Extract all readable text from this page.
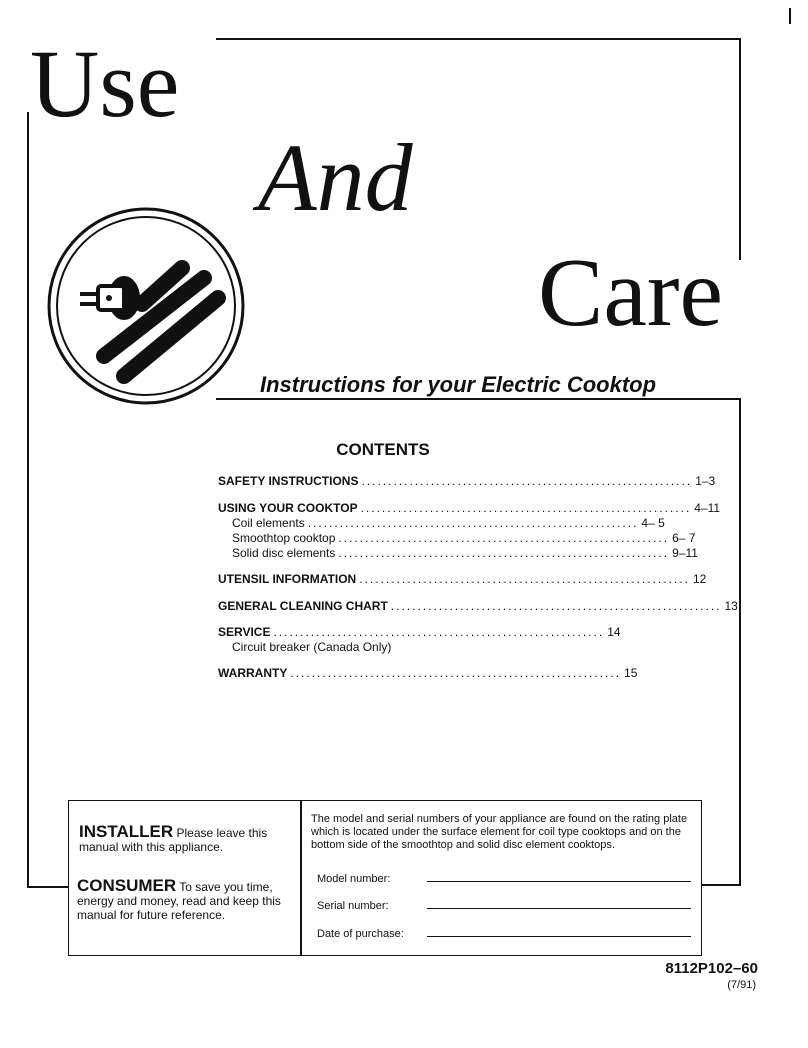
Use
And
Care
Instructions for your Electric Cooktop
CONTENTS
SAFETY INSTRUCTIONS .............................................................. 1–3
USING YOUR COOKTOP .............................................................. 4–11
Coil elements .............................................................. 4– 5
Smoothtop cooktop .............................................................. 6– 7
Solid disc elements .............................................................. 9–11
UTENSIL INFORMATION .............................................................. 12
GENERAL CLEANING CHART .............................................................. 13
SERVICE .............................................................. 14
Circuit breaker (Canada Only)
WARRANTY .............................................................. 15
INSTALLER Please leave this
manual with this appliance.
CONSUMER To save you time, energy and money, read and keep this manual for future reference.
The model and serial numbers of your appliance are found on the rating plate which is located under the surface element for coil type cooktops and on the bottom side of the smoothtop and solid disc element cooktops.
Model number:
Serial number:
Date of purchase:
8112P102–60
(7/91)
